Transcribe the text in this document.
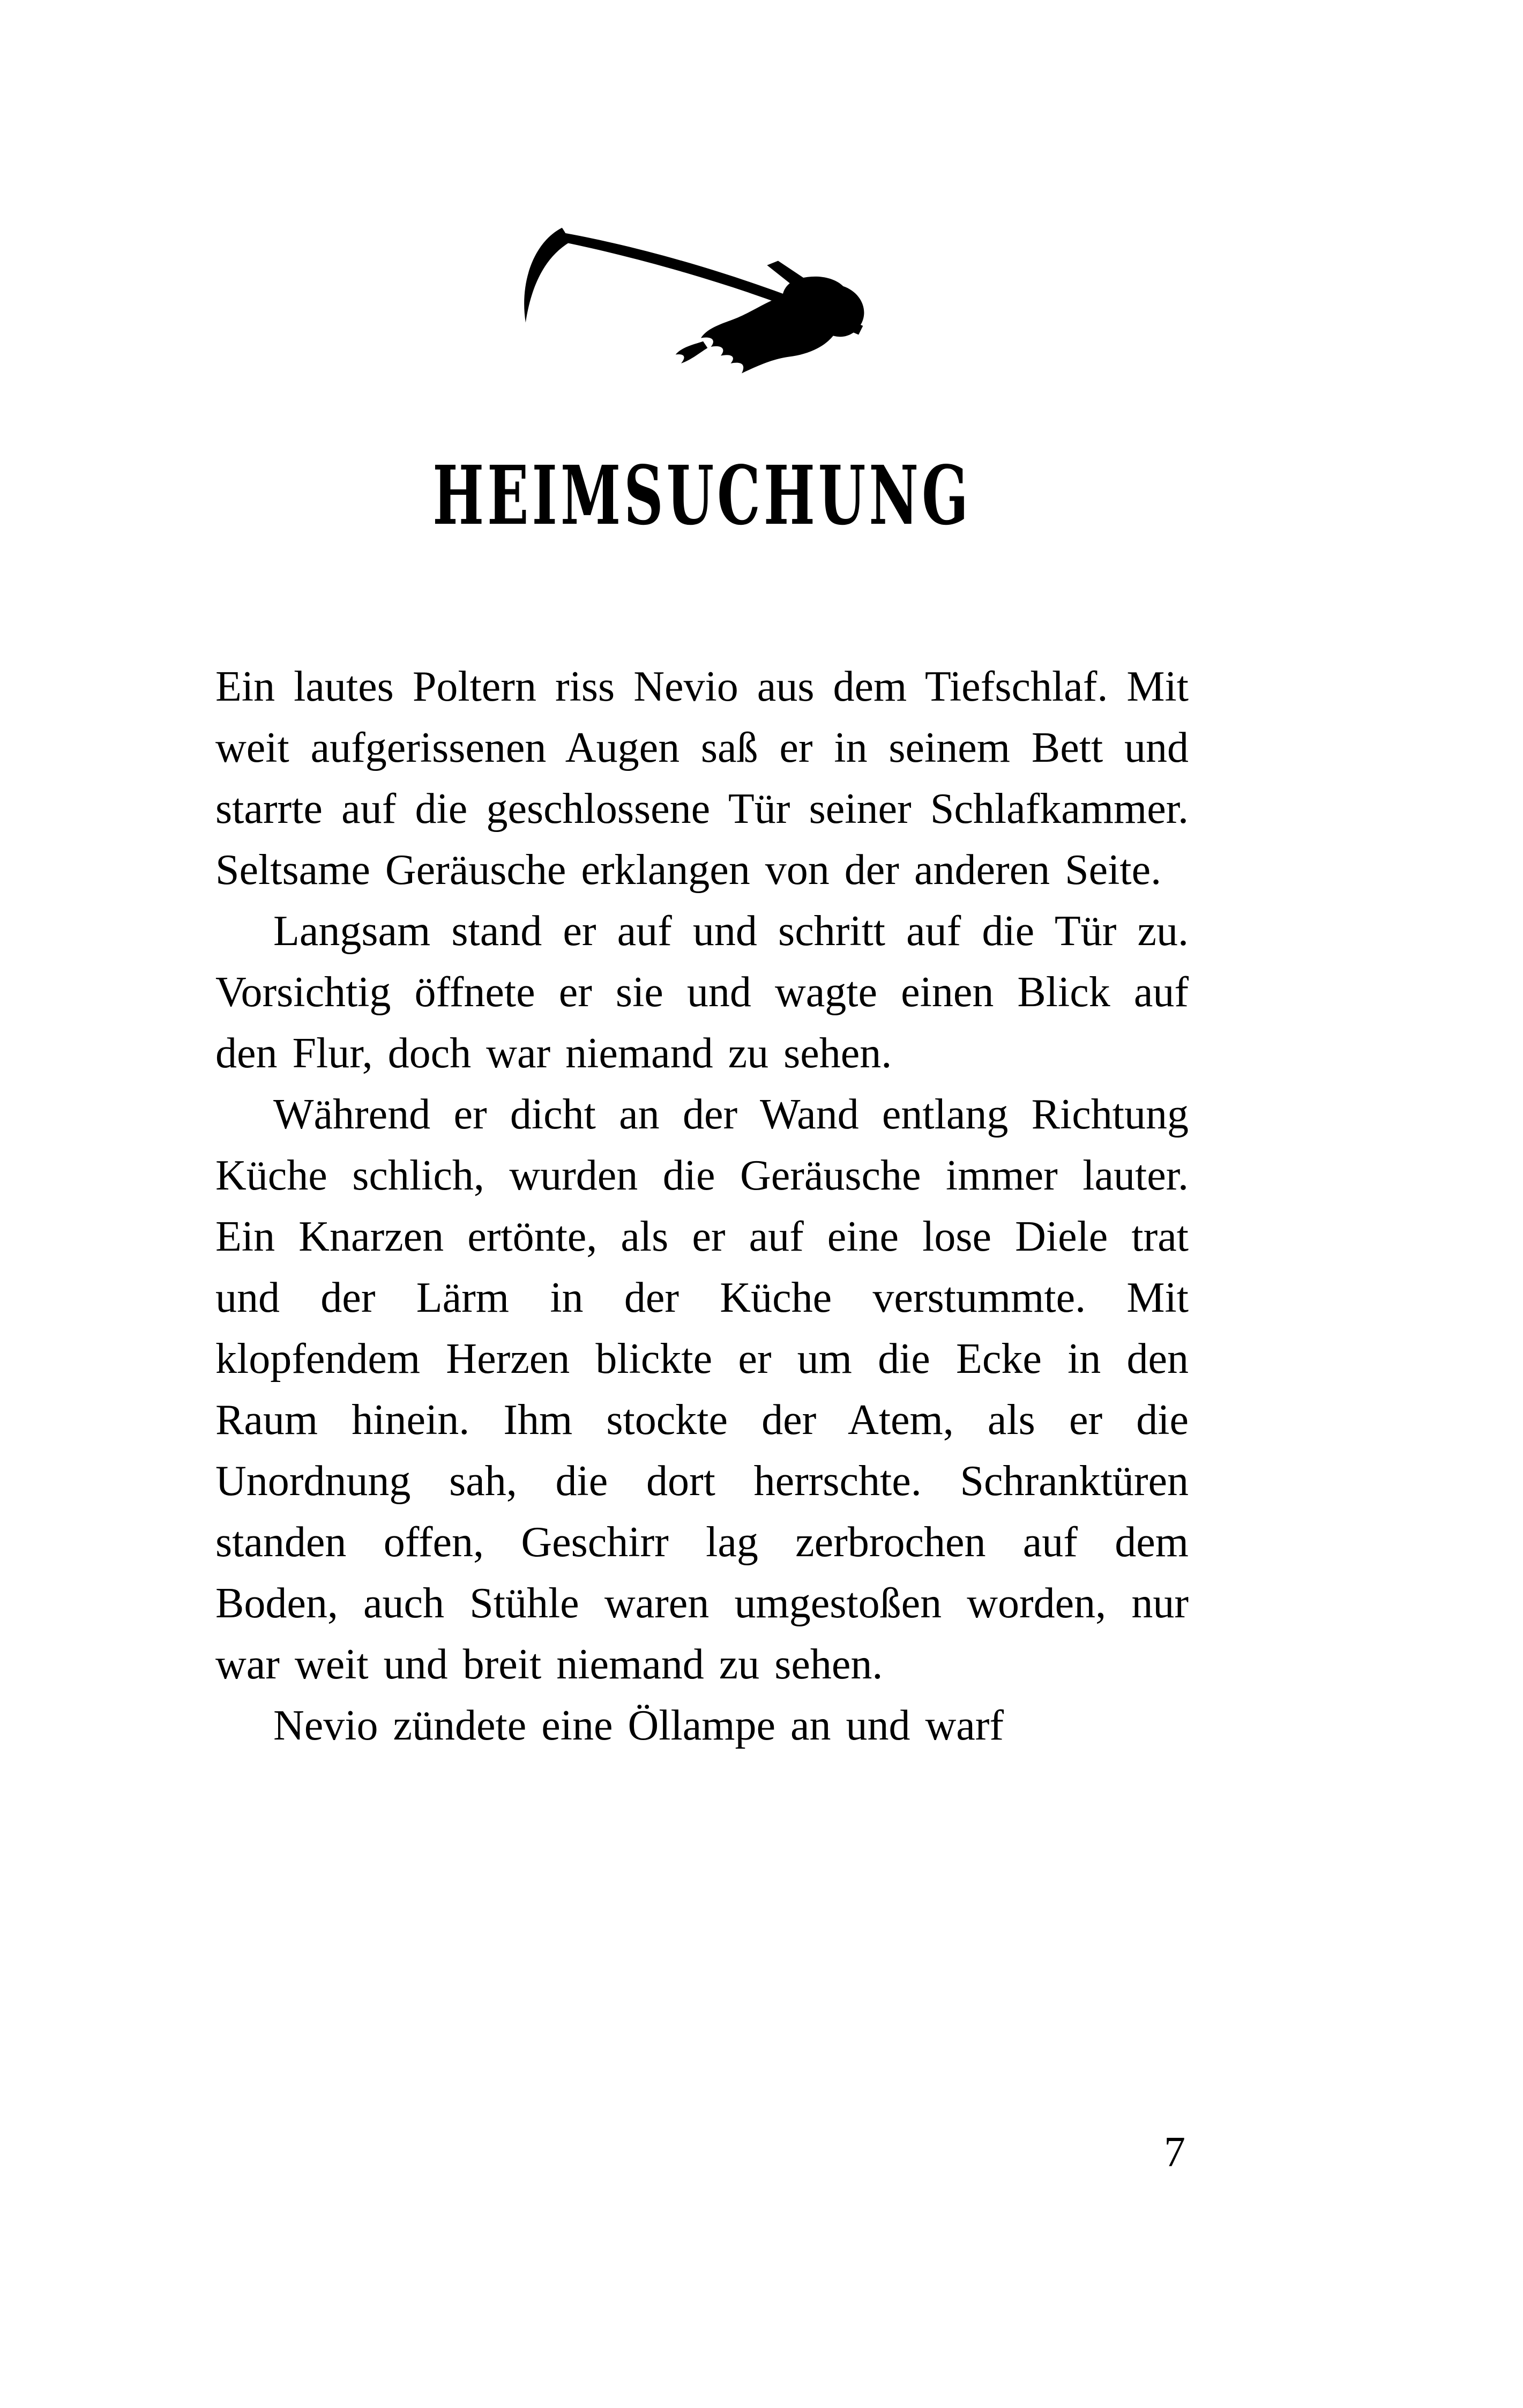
HEIMSUCHUNG

Ein lautes Poltern riss Nevio aus dem Tiefschlaf. Mit weit aufgerissenen Augen saß er in seinem Bett und starrte auf die geschlossene Tür seiner Schlafkammer. Seltsame Geräusche erklangen von der anderen Seite.

Langsam stand er auf und schritt auf die Tür zu. Vorsichtig öffnete er sie und wagte einen Blick auf den Flur, doch war niemand zu sehen.

Während er dicht an der Wand entlang Richtung Küche schlich, wurden die Geräusche immer lauter. Ein Knarzen ertönte, als er auf eine lose Diele trat und der Lärm in der Küche verstummte. Mit klopfendem Herzen blickte er um die Ecke in den Raum hinein. Ihm stockte der Atem, als er die Unordnung sah, die dort herrschte. Schranktüren standen offen, Geschirr lag zerbrochen auf dem Boden, auch Stühle waren umgestoßen worden, nur war weit und breit niemand zu sehen.

Nevio zündete eine Öllampe an und warf

7
